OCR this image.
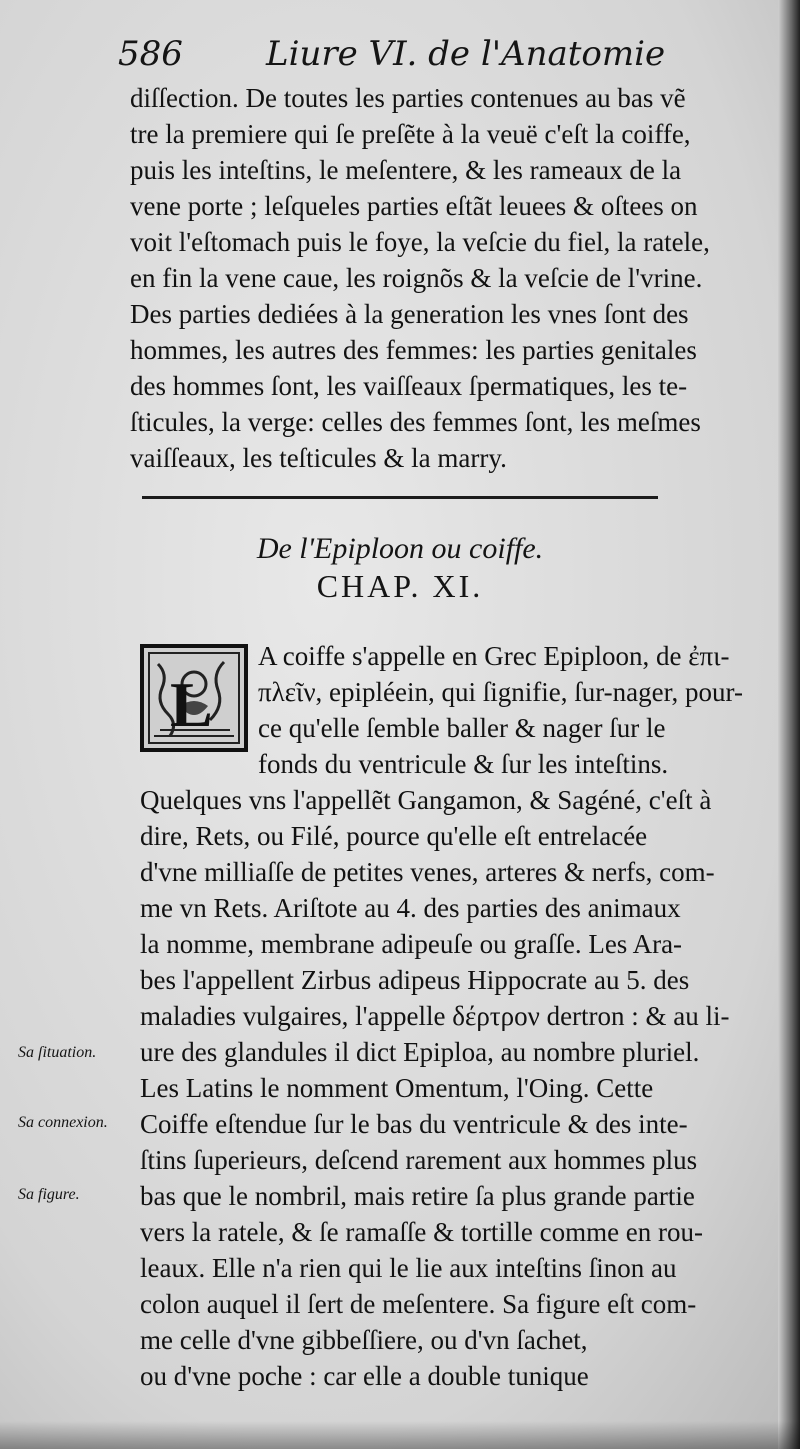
586 Liure VI. de l'Anatomie
diſſection. De toutes les parties contenues au bas vẽ
tre la premiere qui ſe preſẽte à la veuë c'eſt la coiffe,
puis les inteſtins, le meſentere, & les rameaux de la
vene porte ; leſqueles parties eſtãt leuees & oſtees on
voit l'eſtomach puis le foye, la veſcie du fiel, la ratele,
en fin la vene caue, les roignõs & la veſcie de l'vrine.
Des parties dediées à la generation les vnes ſont des
hommes, les autres des femmes: les parties genitales
des hommes ſont, les vaiſſeaux ſpermatiques, les te-
ſticules, la verge: celles des femmes ſont, les meſmes
vaiſſeaux, les teſticules & la marry.
De l'Epiploon ou coiffe.
CHAP. XI.
L
A coiffe s'appelle en Grec Epiploon, de ἐπι-
πλεῖν, epipléein, qui ſignifie, ſur-nager, pour-
ce qu'elle ſemble baller & nager ſur le
fonds du ventricule & ſur les inteſtins.
Quelques vns l'appellẽt Gangamon, & Sagéné, c'eſt à
dire, Rets, ou Filé, pource qu'elle eſt entrelacée
d'vne milliaſſe de petites venes, arteres & nerfs, com-
me vn Rets. Ariſtote au 4. des parties des animaux
la nomme, membrane adipeuſe ou graſſe. Les Ara-
bes l'appellent Zirbus adipeus Hippocrate au 5. des
maladies vulgaires, l'appelle δέρτρον dertron : & au li-
ure des glandules il dict Epiploa, au nombre pluriel.
Les Latins le nomment Omentum, l'Oing. Cette
Coiffe eſtendue ſur le bas du ventricule & des inte-
ſtins ſuperieurs, deſcend rarement aux hommes plus
bas que le nombril, mais retire ſa plus grande partie
vers la ratele, & ſe ramaſſe & tortille comme en rou-
leaux. Elle n'a rien qui le lie aux inteſtins ſinon au
colon auquel il ſert de meſentere. Sa figure eſt com-
me celle d'vne gibbeſſiere, ou d'vn ſachet,
ou d'vne poche : car elle a double tunique
Sa ſituation.
Sa connexion.
Sa figure.
